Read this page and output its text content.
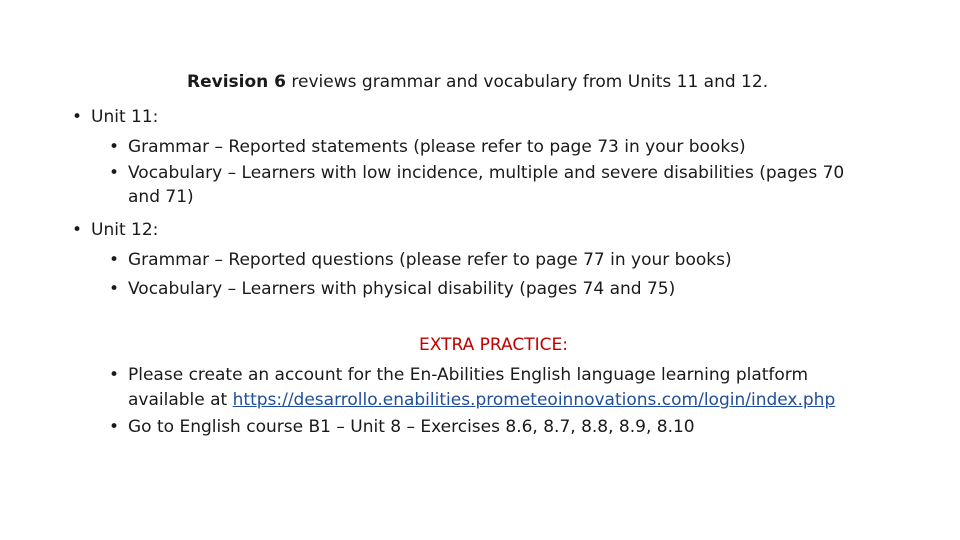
Revision 6 reviews grammar and vocabulary from Units 11 and 12.
• Unit 11:
• Grammar – Reported statements (please refer to page 73 in your books)
• Vocabulary – Learners with low incidence, multiple and severe disabilities (pages 70
and 71)
• Unit 12:
• Grammar – Reported questions (please refer to page 77 in your books)
• Vocabulary – Learners with physical disability (pages 74 and 75)
EXTRA PRACTICE:
• Please create an account for the En-Abilities English language learning platform
available at https://desarrollo.enabilities.prometeoinnovations.com/login/index.php
• Go to English course B1 – Unit 8 – Exercises 8.6, 8.7, 8.8, 8.9, 8.10
